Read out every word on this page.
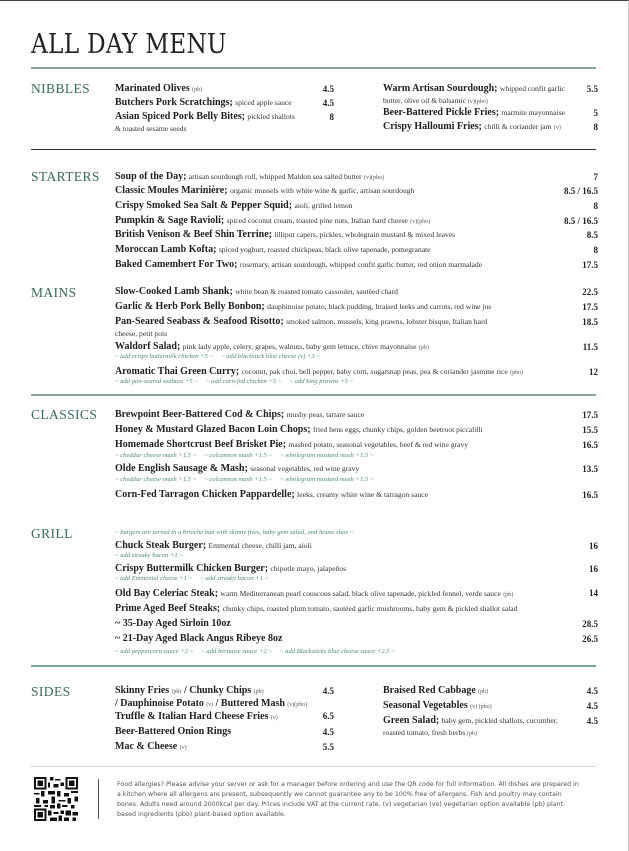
ALL DAY MENU
NIBBLES Marinated Olives (pb)	4.5
Butchers Pork Scratchings; spiced apple sauce	4.5
Asian Spiced Pork Belly Bites; pickled shallots
& toasted sesame seeds
8
Warm Artisan Sourdough; whipped confit garlic
butter, olive oil & balsamic (v)(pbo)
5.5
Beer-Battered Pickle Fries; marmite mayonnaise	5
Crispy Halloumi Fries; chilli & coriander jam (v)	8
STARTERS Soup of the Day; artisan sourdough roll, whipped Maldon sea salted butter (v)(pbo)	7
Classic Moules Marinière; organic mussels with white wine & garlic, artisan sourdough	8.5 / 16.5
Crispy Smoked Sea Salt & Pepper Squid; aioli, grilled lemon	8
Pumpkin & Sage Ravioli; spiced coconut cream, toasted pine nuts, Italian hard cheese (v)(pbo)	8.5 / 16.5
British Venison & Beef Shin Terrine; lilliput capers, pickles, wholegrain mustard & mixed leaves	8.5
Moroccan Lamb Kofta; spiced yoghurt, roasted chickpeas, black olive tapenade, pomegranate	8
Baked Camembert For Two; rosemary, artisan sourdough, whipped confit garlic butter, red onion marmalade	17.5
MAINS	Slow-Cooked Lamb Shank; white bean & roasted tomato cassoulet, sautéed chard	22.5
Garlic & Herb Pork Belly Bonbon; dauphinoise potato, black pudding, braised leeks and carrots, red wine jus	17.5
Pan-Seared Seabass & Seafood Risotto; smoked salmon, mussels, king prawns, lobster bisque, Italian hard
cheese, petit pois
18.5
Waldorf Salad; pink lady apple, celery, grapes, walnuts, baby gem lettuce, chive mayonnaise (pb)	11.5
~ add crispy buttermilk chicken +5 ~ ~ add blackstick blue cheese (v) +3 ~
Aromatic Thai Green Curry; coconut, pak choi, bell pepper, baby corn, sugarsnap peas, pea & coriander jasmine rice (pbo)	12
~ add pan-seared seabass +5 ~ ~ add corn-fed chicken +5 ~ ~ add king prawns +5 ~
CLASSICS Brewpoint Beer-Battered Cod & Chips; mushy peas, tartare sauce	17.5
Honey & Mustard Glazed Bacon Loin Chops; fried hens eggs, chunky chips, golden beetroot piccalilli	15.5
Homemade Shortcrust Beef Brisket Pie; mashed potato, seasonal vegetables, beef & red wine gravy	16.5
~ cheddar cheese mash +1.5 ~ ~ colcannon mash +1.5 ~ ~ wholegrain mustard mash +1.5 ~
Olde English Sausage & Mash; seasonal vegetables, red wine gravy	13.5
~ cheddar cheese mash +1.5 ~ ~ colcannon mash +1.5 ~ ~ wholegrain mustard mash +1.5 ~
Corn-Fed Tarragon Chicken Pappardelle; leeks, creamy white wine & tarragon sauce	16.5
GRILL	~ burgers are served in a brioche bun with skinny fries, baby gem salad, and house slaw ~
Chuck Steak Burger; Emmental cheese, chilli jam, aioli	16
~ add streaky bacon +1 ~
Crispy Buttermilk Chicken Burger; chipotle mayo, jalapeños	16
~ add Emmental cheese +1 ~ ~ add streaky bacon +1 ~
Old Bay Celeriac Steak; warm Mediterranean pearl couscous salad, black olive tapenade, pickled fennel, verde sauce (pb)	14
Prime Aged Beef Steaks; chunky chips, roasted plum tomato, sautéed garlic mushrooms, baby gem & pickled shallot salad
~ 35-Day Aged Sirloin 10oz	28.5
~ 21-Day Aged Black Angus Ribeye 8oz	26.5
~ add peppercorn sauce +2 ~ ~ add bernaise sauce +2 ~ ~ add Blacksticks blue cheese sauce +2.5 ~
SIDES	Skinny Fries (pb) / Chunky Chips (pb)
/ Dauphinoise Potato (v) / Buttered Mash (v)(pbo)
4.5
Truffle & Italian Hard Cheese Fries (v)	6.5
Beer-Battered Onion Rings	4.5
Mac & Cheese (v)	5.5
Braised Red Cabbage (pb)	4.5
Seasonal Vegetables (v) (pbo)	4.5
Green Salad; baby gem, pickled shallots, cucumber,
roasted tomato, fresh herbs (pb)
4.5
Food allergies? Please advise your server or ask for a manager before ordering and use the QR code for full information. All dishes are prepared in a kitchen where all allergens are present, subsequently we cannot guarantee any to be 100% free of allergens. Fish and poultry may contain bones. Adults need around 2000kcal per day. Prices include VAT at the current rate. (v) vegetarian (vo) vegetarian option available (pb) plant-based ingredients (pbo) plant-based option available.
